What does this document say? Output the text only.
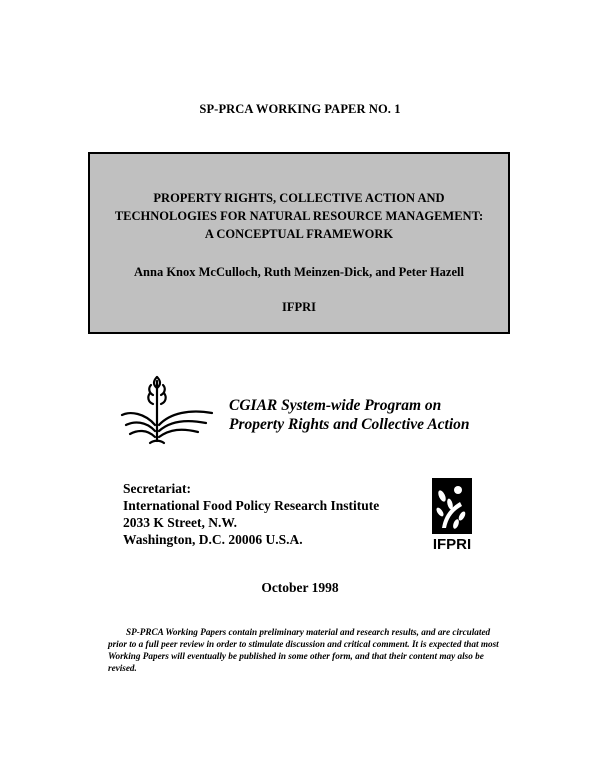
SP-PRCA WORKING PAPER NO. 1
PROPERTY RIGHTS, COLLECTIVE ACTION AND
TECHNOLOGIES FOR NATURAL RESOURCE MANAGEMENT:
A CONCEPTUAL FRAMEWORK
Anna Knox McCulloch, Ruth Meinzen-Dick, and Peter Hazell
IFPRI
CGIAR System-wide Program on
Property Rights and Collective Action
Secretariat:
International Food Policy Research Institute
2033 K Street, N.W.
Washington, D.C. 20006 U.S.A.	IFPRI
October 1998
SP-PRCA Working Papers contain preliminary material and research results, and are circulated prior to a full peer review in order to stimulate discussion and critical comment. It is expected that most Working Papers will eventually be published in some other form, and that their content may also be revised.
